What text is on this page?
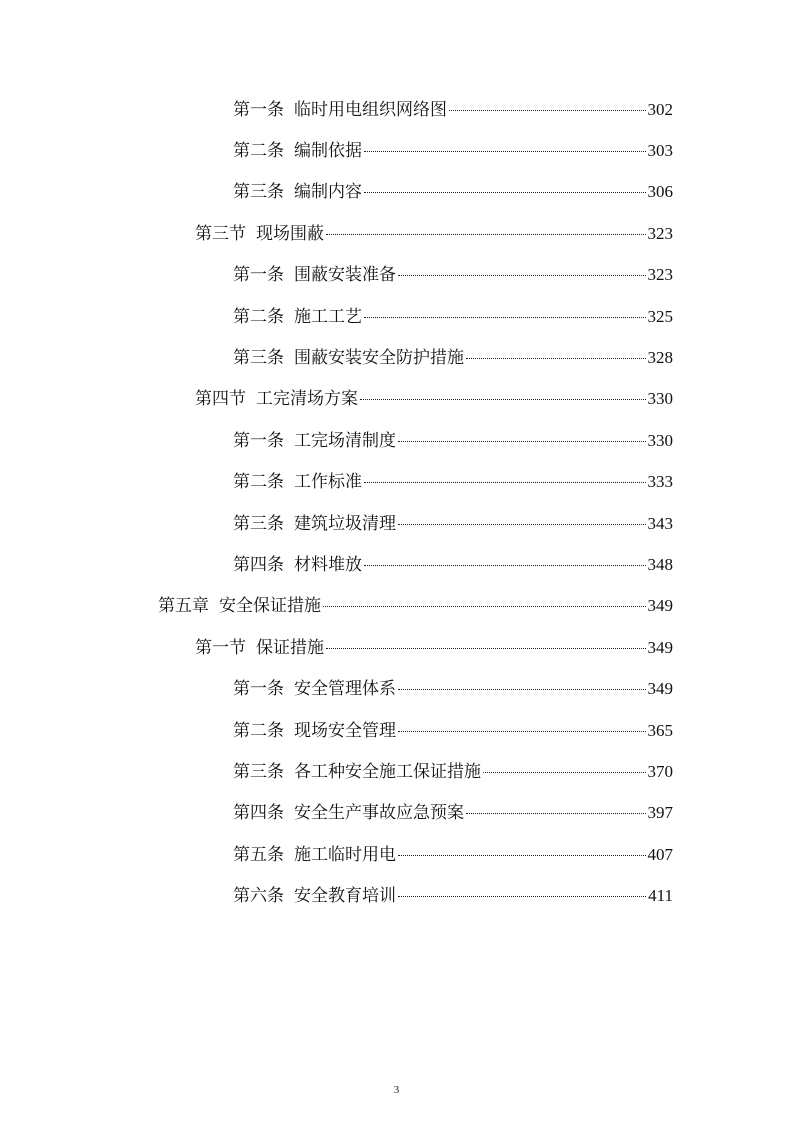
第一条 临时用电组织网络图	302
第二条 编制依据	303
第三条 编制内容	306
第三节 现场围蔽	323
第一条 围蔽安装准备	323
第二条 施工工艺	325
第三条 围蔽安装安全防护措施	328
第四节 工完清场方案	330
第一条 工完场清制度	330
第二条 工作标准	333
第三条 建筑垃圾清理	343
第四条 材料堆放	348
第五章 安全保证措施	349
第一节 保证措施	349
第一条 安全管理体系	349
第二条 现场安全管理	365
第三条 各工种安全施工保证措施	370
第四条 安全生产事故应急预案	397
第五条 施工临时用电	407
第六条 安全教育培训	411
3
